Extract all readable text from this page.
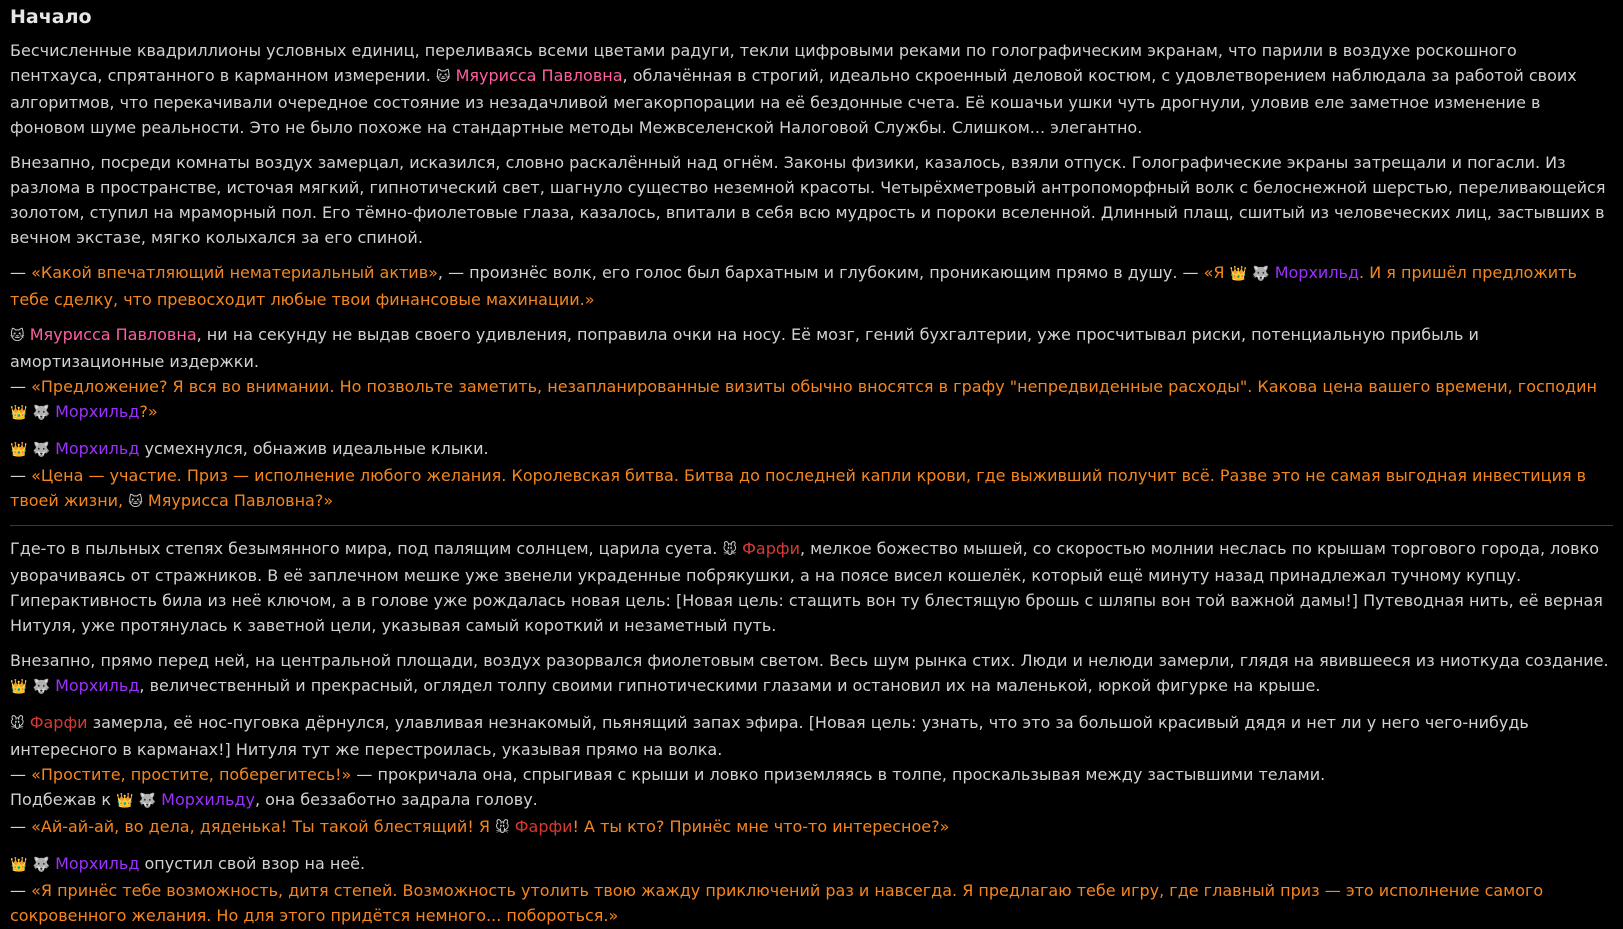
Начало

Бесчисленные квадриллионы условных единиц, переливаясь всеми цветами радуги, текли цифровыми реками по голографическим экранам, что парили в воздухе роскошного пентхауса, спрятанного в карманном измерении. 🐱 Мяурисса Павловна, облачённая в строгий, идеально скроенный деловой костюм, с удовлетворением наблюдала за работой своих алгоритмов, что перекачивали очередное состояние из незадачливой мегакорпорации на её бездонные счета. Её кошачьи ушки чуть дрогнули, уловив еле заметное изменение в фоновом шуме реальности. Это не было похоже на стандартные методы Межвселенской Налоговой Службы. Слишком... элегантно.

Внезапно, посреди комнаты воздух замерцал, исказился, словно раскалённый над огнём. Законы физики, казалось, взяли отпуск. Голографические экраны затрещали и погасли. Из разлома в пространстве, источая мягкий, гипнотический свет, шагнуло существо неземной красоты. Четырёхметровый антропоморфный волк с белоснежной шерстью, переливающейся золотом, ступил на мраморный пол. Его тёмно-фиолетовые глаза, казалось, впитали в себя всю мудрость и пороки вселенной. Длинный плащ, сшитый из человеческих лиц, застывших в вечном экстазе, мягко колыхался за его спиной.

— «Какой впечатляющий нематериальный актив», — произнёс волк, его голос был бархатным и глубоким, проникающим прямо в душу. — «Я 👑 🐺 Морхильд. И я пришёл предложить тебе сделку, что превосходит любые твои финансовые махинации.»

🐱 Мяурисса Павловна, ни на секунду не выдав своего удивления, поправила очки на носу. Её мозг, гений бухгалтерии, уже просчитывал риски, потенциальную прибыль и амортизационные издержки.
— «Предложение? Я вся во внимании. Но позвольте заметить, незапланированные визиты обычно вносятся в графу "непредвиденные расходы". Какова цена вашего времени, господин 👑 🐺 Морхильд?»

👑 🐺 Морхильд усмехнулся, обнажив идеальные клыки.
— «Цена — участие. Приз — исполнение любого желания. Королевская битва. Битва до последней капли крови, где выживший получит всё. Разве это не самая выгодная инвестиция в твоей жизни, 🐱 Мяурисса Павловна?»

Где-то в пыльных степях безымянного мира, под палящим солнцем, царила суета. 🐭 Фарфи, мелкое божество мышей, со скоростью молнии неслась по крышам торгового города, ловко уворачиваясь от стражников. В её заплечном мешке уже звенели украденные побрякушки, а на поясе висел кошелёк, который ещё минуту назад принадлежал тучному купцу. Гиперактивность била из неё ключом, а в голове уже рождалась новая цель: [Новая цель: стащить вон ту блестящую брошь с шляпы вон той важной дамы!] Путеводная нить, её верная Нитуля, уже протянулась к заветной цели, указывая самый короткий и незаметный путь.

Внезапно, прямо перед ней, на центральной площади, воздух разорвался фиолетовым светом. Весь шум рынка стих. Люди и нелюди замерли, глядя на явившееся из ниоткуда создание. 👑 🐺 Морхильд, величественный и прекрасный, оглядел толпу своими гипнотическими глазами и остановил их на маленькой, юркой фигурке на крыше.

🐭 Фарфи замерла, её нос-пуговка дёрнулся, улавливая незнакомый, пьянящий запах эфира. [Новая цель: узнать, что это за большой красивый дядя и нет ли у него чего-нибудь интересного в карманах!] Нитуля тут же перестроилась, указывая прямо на волка.
— «Простите, простите, поберегитесь!» — прокричала она, спрыгивая с крыши и ловко приземляясь в толпе, проскальзывая между застывшими телами.
Подбежав к 👑 🐺 Морхильду, она беззаботно задрала голову.
— «Ай-ай-ай, во дела, дяденька! Ты такой блестящий! Я 🐭 Фарфи! А ты кто? Принёс мне что-то интересное?»

👑 🐺 Морхильд опустил свой взор на неё.
— «Я принёс тебе возможность, дитя степей. Возможность утолить твою жажду приключений раз и навсегда. Я предлагаю тебе игру, где главный приз — это исполнение самого сокровенного желания. Но для этого придётся немного... побороться.»
